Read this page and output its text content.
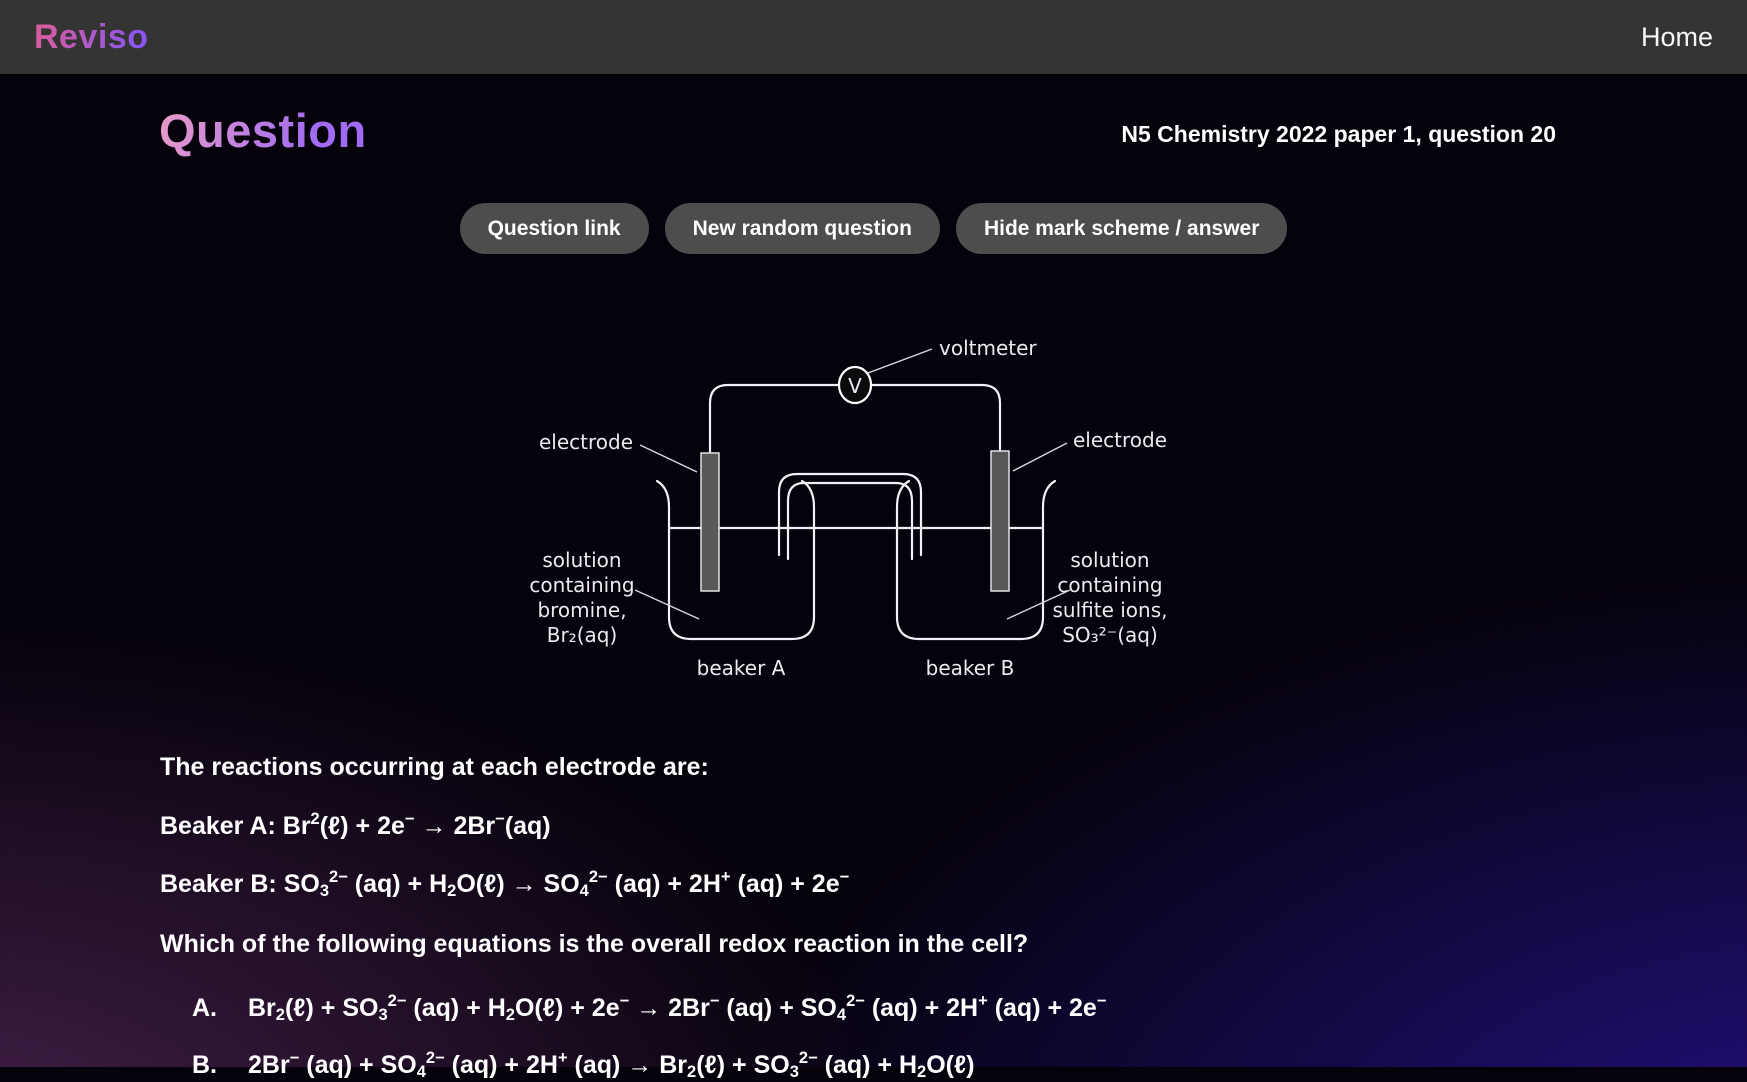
Reviso	Home
Question	N5 Chemistry 2022 paper 1, question 20
Question link	New random question	Hide mark scheme / answer
V
voltmeter
electrode	electrode
solution
containing
bromine,
Br₂(aq)
solution
containing
sulfite ions,
SO₃²⁻(aq)
beaker A	beaker B
The reactions occurring at each electrode are:
Beaker A: $Br^2(\ell) + 2e^- \to 2Br^-(aq)$
Beaker B: $SO_3^{2-}$ $(aq) + H_2O(\ell) \to SO_4^{2-}$ (aq) + 2H+ (aq) + 2e−
Which of the following equations is the overall redox reaction in the cell?
A.	$Br_2(\ell) + SO_3^{2-}$ $(aq) + H_2O(\ell) + 2e^- \to 2Br^-$ $(aq) + SO_4^{2-}$ (aq) + 2H+ (aq) + 2e−
B.	2Br− $(aq) + SO_4^{2-}$ (aq) + 2H+ $(aq) \to Br_2(\ell) + SO_3^{2-}$ $(aq) + H_2O(\ell)$
